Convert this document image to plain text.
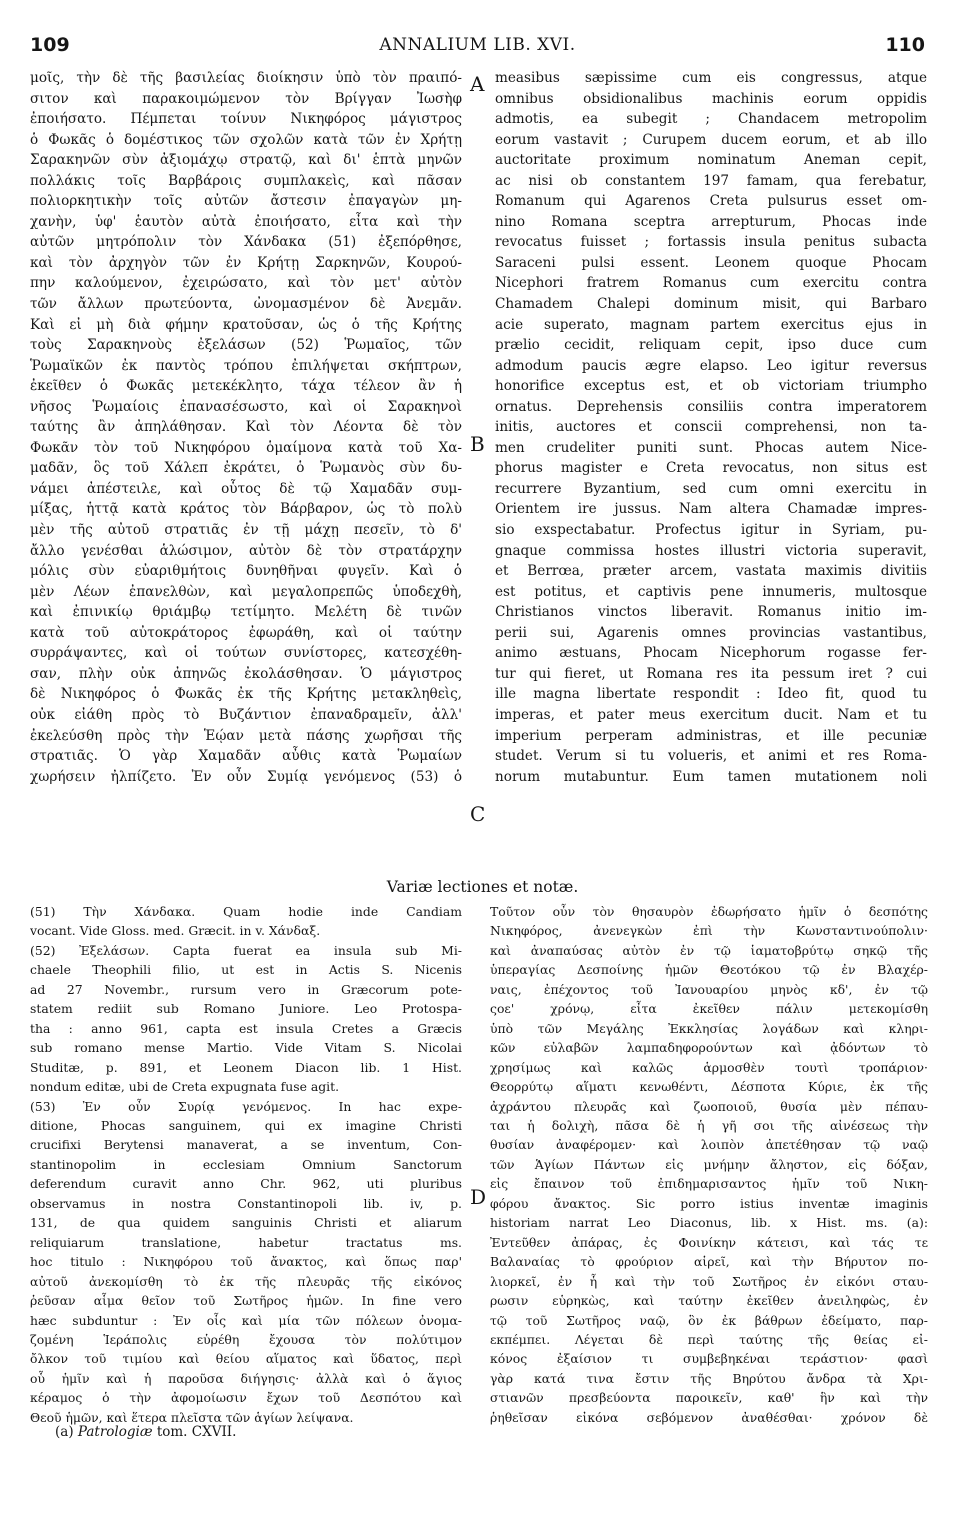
109	ANNALIUM LIB. XVI.	110
μοῖς, τὴν δὲ τῆς βασιλείας διοίκησιν ὑπὸ τὸν πραιπό-
σιτον καὶ παρακοιμώμενον τὸν Βρίγγαν Ἰωσὴφ
ἐποιήσατο. Πέμπεται τοίνυν Νικηφόρος μάγιστρος
ὁ Φωκᾶς ὁ δομέστικος τῶν σχολῶν κατὰ τῶν ἐν Χρήτῃ
Σαρακηνῶν σὺν ἀξιομάχῳ στρατῷ, καὶ δι' ἑπτὰ μηνῶν
πολλάκις τοῖς Βαρβάροις συμπλακεὶς, καὶ πᾶσαν
πολιορκητικὴν τοῖς αὐτῶν ἄστεσιν ἐπαγαγὼν μη-
χανὴν, ὑφ' ἑαυτὸν αὐτὰ ἐποιήσατο, εἶτα καὶ τὴν
αὐτῶν μητρόπολιν τὸν Χάνδακα (51) ἐξεπόρθησε,
καὶ τὸν ἀρχηγὸν τῶν ἐν Κρήτῃ Σαρκηνῶν, Κουρού-
πην καλούμενον, ἐχειρώσατο, καὶ τὸν μετ' αὐτὸν
τῶν ἄλλων πρωτεύοντα, ὠνομασμένον δὲ Ἀνεμᾶν.
Καὶ εἰ μὴ διὰ φήμην κρατοῦσαν, ὡς ὁ τῆς Κρήτης
τοὺς Σαρακηνοὺς ἐξελάσων (52) Ῥωμαῖος, τῶν
Ῥωμαϊκῶν ἐκ παντὸς τρόπου ἐπιλήψεται σκήπτρων,
ἐκεῖθεν ὁ Φωκᾶς μετεκέκλητο, τάχα τέλεον ἂν ἡ
νῆσος Ῥωμαίοις ἐπανασέσωστο, καὶ οἱ Σαρακηνοὶ
ταύτης ἂν ἀπηλάθησαν. Καὶ τὸν Λέοντα δὲ τὸν
Φωκᾶν τὸν τοῦ Νικηφόρου ὁμαίμονα κατὰ τοῦ Χα-
μαδᾶν, ὃς τοῦ Χάλεπ ἐκράτει, ὁ Ῥωμανὸς σὺν δυ-
νάμει ἀπέστειλε, καὶ οὗτος δὲ τῷ Χαμαδᾶν συμ-
μίξας, ἡττᾷ κατὰ κράτος τὸν Βάρβαρον, ὡς τὸ πολὺ
μὲν τῆς αὐτοῦ στρατιᾶς ἐν τῇ μάχῃ πεσεῖν, τὸ δ'
ἄλλο γενέσθαι ἁλώσιμον, αὐτὸν δὲ τὸν στρατάρχην
μόλις σὺν εὐαριθμήτοις δυνηθῆναι φυγεῖν. Καὶ ὁ
μὲν Λέων ἐπανελθὼν, καὶ μεγαλοπρεπῶς ὑποδεχθὴ,
καὶ ἐπινικίῳ θριάμβῳ τετίμητο. Μελέτη δὲ τινῶν
κατὰ τοῦ αὐτοκράτορος ἐφωράθη, καὶ οἱ ταύτην
συρράψαντες, καὶ οἱ τούτων συνίστορες, κατεσχέθη-
σαν, πλὴν οὐκ ἀπηνῶς ἐκολάσθησαν. Ὁ μάγιστρος
δὲ Νικηφόρος ὁ Φωκᾶς ἐκ τῆς Κρήτης μετακληθεὶς,
οὐκ εἰάθη πρὸς τὸ Βυζάντιον ἐπαναδραμεῖν, ἀλλ'
ἐκελεύσθη πρὸς τὴν Ἑῴαν μετὰ πάσης χωρῆσαι τῆς
στρατιᾶς. Ὁ γὰρ Χαμαδᾶν αὖθις κατὰ Ῥωμαίων
χωρήσειν ἠλπίζετο. Ἐν οὖν Συμίᾳ γενόμενος (53) ὁ
measibus sæpissime cum eis congressus, atque
omnibus obsidionalibus machinis eorum oppidis
admotis, ea subegit ; Chandacem metropolim
eorum vastavit ; Curupem ducem eorum, et ab illo
auctoritate proximum nominatum Aneman cepit,
ac nisi ob constantem 197 famam, qua ferebatur,
Romanum qui Agarenos Creta pulsurus esset om-
nino Romana sceptra arrepturum, Phocas inde
revocatus fuisset ; fortassis insula penitus subacta
Saraceni pulsi essent. Leonem quoque Phocam
Nicephori fratrem Romanus cum exercitu contra
Chamadem Chalepi dominum misit, qui Barbaro
acie superato, magnam partem exercitus ejus in
prælio cecidit, reliquam cepit, ipso duce cum
admodum paucis ægre elapso. Leo igitur reversus
honorifice exceptus est, et ob victoriam triumpho
ornatus. Deprehensis consiliis contra imperatorem
initis, auctores et conscii comprehensi, non ta-
men crudeliter puniti sunt. Phocas autem Nice-
phorus magister e Creta revocatus, non situs est
recurrere Byzantium, sed cum omni exercitu in
Orientem ire jussus. Nam altera Chamadæ impres-
sio exspectabatur. Profectus igitur in Syriam, pu-
gnaque commissa hostes illustri victoria superavit,
et Berrœa, præter arcem, vastata maximis divitiis
est potitus, et captivis pene innumeris, multosque
Christianos vinctos liberavit. Romanus initio im-
perii sui, Agarenis omnes provincias vastantibus,
animo æstuans, Phocam Nicephorum rogasse fer-
tur qui fieret, ut Romana res ita pessum iret ? cui
ille magna libertate respondit : Ideo fit, quod tu
imperas, et pater meus exercitum ducit. Nam et tu
imperium perperam administras, et ille pecuniæ
studet. Verum si tu volueris, et animi et res Roma-
norum mutabuntur. Eum tamen mutationem noli
A
B
C
D
Variæ lectiones et notæ.
(51) Τὴν Χάνδακα. Quam hodie inde Candiam
vocant. Vide Gloss. med. Græcit. in v. Χάνδαξ.
(52) Ἐξελάσων. Capta fuerat ea insula sub Mi-
chaele Theophili filio, ut est in Actis S. Nicenis
ad 27 Novembr., rursum vero in Græcorum pote-
statem rediit sub Romano Juniore. Leo Protospa-
tha : anno 961, capta est insula Cretes a Græcis
sub romano mense Martio. Vide Vitam S. Nicolai
Studitæ, p. 891, et Leonem Diacon lib. 1 Hist.
nondum editæ, ubi de Creta expugnata fuse agit.
(53) Ἐν οὖν Συρίᾳ γενόμενος. In hac expe-
ditione, Phocas sanguinem, qui ex imagine Christi
crucifixi Berytensi manaverat, a se inventum, Con-
stantinopolim in ecclesiam Omnium Sanctorum
deferendum curavit anno Chr. 962, uti pluribus
observamus in nostra Constantinopoli lib. iv, p.
131, de qua quidem sanguinis Christi et aliarum
reliquiarum translatione, habetur tractatus ms.
hoc titulo : Νικηφόρου τοῦ ἄνακτος, καὶ ὅπως παρ'
αὐτοῦ ἀνεκομίσθη τὸ ἐκ τῆς πλευρᾶς τῆς εἰκόνος
ῥεῦσαν αἷμα θεῖον τοῦ Σωτῆρος ἡμῶν. In fine vero
hæc subduntur : Ἐν οἷς καὶ μία τῶν πόλεων ὀνομα-
ζομένη Ἱεράπολις εὑρέθη ἔχουσα τὸν πολύτιμον
ὄλκον τοῦ τιμίου καὶ θείου αἵματος καὶ ὕδατος, περὶ
οὗ ἡμῖν καὶ ἡ παροῦσα διήγησις· ἀλλὰ καὶ ὁ ἅγιος
κέραμος ὁ τὴν ἀφομοίωσιν ἔχων τοῦ Δεσπότου καὶ
Θεοῦ ἡμῶν, καὶ ἕτερα πλεῖστα τῶν ἁγίων λείψανα.
Τοῦτον οὖν τὸν θησαυρὸν ἐδωρήσατο ἡμῖν ὁ δεσπότης
Νικηφόρος, ἀνενεγκὼν ἐπὶ τὴν Κωνσταντινούπολιν·
καὶ ἀναπαύσας αὐτὸν ἐν τῷ ἱαματοβρύτῳ σηκῷ τῆς
ὑπεραγίας Δεσποίνης ἡμῶν Θεοτόκου τῷ ἐν Βλαχέρ-
ναις, ἐπέχοντος τοῦ Ἰανουαρίου μηνὸς κδ', ἐν τῷ
ςοε' χρόνῳ, εἶτα ἐκεῖθεν πάλιν μετεκομίσθη
ὑπὸ τῶν Μεγάλης Ἐκκλησίας λογάδων καὶ κληρι-
κῶν εὐλαβῶν λαμπαδηφορούντων καὶ ᾀδόντων τὸ
χρησίμως καὶ καλῶς ἁρμοσθὲν τουτὶ τροπάριον·
Θεορρύτῳ αἵματι κενωθέντι, Δέσποτα Κύριε, ἐκ τῆς
ἀχράντου πλευρᾶς καὶ ζωοποιοῦ, θυσία μὲν πέπαυ-
ται ἡ δολιχὴ, πᾶσα δὲ ἡ γῆ σοι τῆς αἰνέσεως τὴν
θυσίαν ἀναφέρομεν· καὶ λοιπὸν ἀπετέθησαν τῷ ναῷ
τῶν Ἁγίων Πάντων εἰς μνήμην ἄληστον, εἰς δόξαν,
εἰς ἔπαινον τοῦ ἐπιδημαρισαντος ἡμῖν τοῦ Νικη-
φόρου ἄνακτος. Sic porro istius inventæ imaginis
historiam narrat Leo Diaconus, lib. x Hist. ms. (a):
Ἐντεῦθεν ἀπάρας, ἐς Φοινίκην κάτεισι, καὶ τάς τε
Βαλαναίας τὸ φρούριον αἱρεῖ, καὶ τὴν Βήρυτον πο-
λιορκεῖ, ἐν ἧ καὶ τὴν τοῦ Σωτῆρος ἐν εἰκόνι σταυ-
ρωσιν εὑρηκὼς, καὶ ταύτην ἐκεῖθεν ἀνειληφὼς, ἐν
τῷ τοῦ Σωτῆρος ναῷ, ὃν ἐκ βάθρων ἐδείματο, παρ-
εκπέμπει. Λέγεται δὲ περὶ ταύτης τῆς θείας εἰ-
κόνος ἐξαίσιον τι συμβεβηκέναι τεράστιον· φασὶ
γὰρ κατά τινα ἔστιν τῆς Βηρύτου ἄνδρα τὰ Χρι-
στιανῶν πρεσβεύοντα παροικεῖν, καθ' ἣν καὶ τὴν
ῥηθεῖσαν εἰκόνα σεβόμενον ἀναθέσθαι· χρόνον δὲ
(a) Patrologiæ tom. CXVII.
